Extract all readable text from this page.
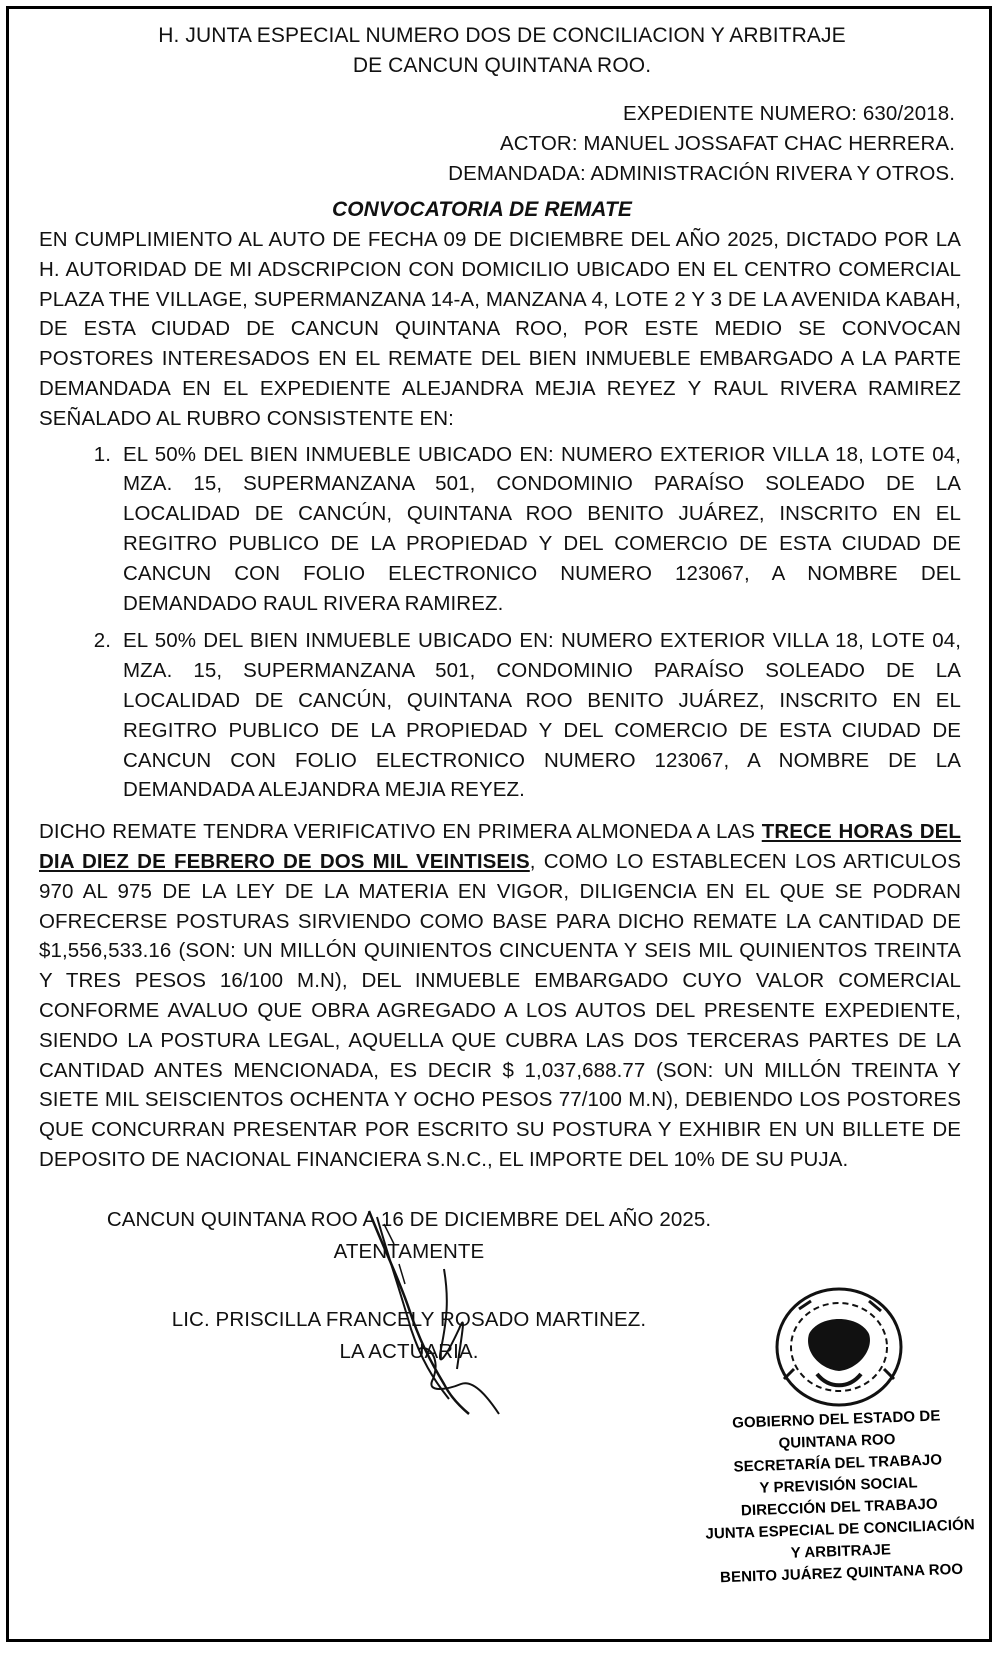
H. JUNTA ESPECIAL NUMERO DOS DE CONCILIACION Y ARBITRAJE
DE CANCUN QUINTANA ROO.
EXPEDIENTE NUMERO: 630/2018.
ACTOR: MANUEL JOSSAFAT CHAC HERRERA.
DEMANDADA: ADMINISTRACIÓN RIVERA Y OTROS.
CONVOCATORIA DE REMATE

EN CUMPLIMIENTO AL AUTO DE FECHA 09 DE DICIEMBRE DEL AÑO 2025, DICTADO POR LA H. AUTORIDAD DE MI ADSCRIPCION CON DOMICILIO UBICADO EN EL CENTRO COMERCIAL PLAZA THE VILLAGE, SUPERMANZANA 14-A, MANZANA 4, LOTE 2 Y 3 DE LA AVENIDA KABAH, DE ESTA CIUDAD DE CANCUN QUINTANA ROO, POR ESTE MEDIO SE CONVOCAN POSTORES INTERESADOS EN EL REMATE DEL BIEN INMUEBLE EMBARGADO A LA PARTE DEMANDADA EN EL EXPEDIENTE ALEJANDRA MEJIA REYEZ Y RAUL RIVERA RAMIREZ SEÑALADO AL RUBRO CONSISTENTE EN:

1. EL 50% DEL BIEN INMUEBLE UBICADO EN: NUMERO EXTERIOR VILLA 18, LOTE 04, MZA. 15, SUPERMANZANA 501, CONDOMINIO PARAÍSO SOLEADO DE LA LOCALIDAD DE CANCÚN, QUINTANA ROO BENITO JUÁREZ, INSCRITO EN EL REGITRO PUBLICO DE LA PROPIEDAD Y DEL COMERCIO DE ESTA CIUDAD DE CANCUN CON FOLIO ELECTRONICO NUMERO 123067, A NOMBRE DEL DEMANDADO RAUL RIVERA RAMIREZ.
2. EL 50% DEL BIEN INMUEBLE UBICADO EN: NUMERO EXTERIOR VILLA 18, LOTE 04, MZA. 15, SUPERMANZANA 501, CONDOMINIO PARAÍSO SOLEADO DE LA LOCALIDAD DE CANCÚN, QUINTANA ROO BENITO JUÁREZ, INSCRITO EN EL REGITRO PUBLICO DE LA PROPIEDAD Y DEL COMERCIO DE ESTA CIUDAD DE CANCUN CON FOLIO ELECTRONICO NUMERO 123067, A NOMBRE DE LA DEMANDADA ALEJANDRA MEJIA REYEZ.

DICHO REMATE TENDRA VERIFICATIVO EN PRIMERA ALMONEDA A LAS TRECE HORAS DEL DIA DIEZ DE FEBRERO DE DOS MIL VEINTISEIS, COMO LO ESTABLECEN LOS ARTICULOS 970 AL 975 DE LA LEY DE LA MATERIA EN VIGOR, DILIGENCIA EN EL QUE SE PODRAN OFRECERSE POSTURAS SIRVIENDO COMO BASE PARA DICHO REMATE LA CANTIDAD DE $1,556,533.16 (SON: UN MILLÓN QUINIENTOS CINCUENTA Y SEIS MIL QUINIENTOS TREINTA Y TRES PESOS 16/100 M.N), DEL INMUEBLE EMBARGADO CUYO VALOR COMERCIAL CONFORME AVALUO QUE OBRA AGREGADO A LOS AUTOS DEL PRESENTE EXPEDIENTE, SIENDO LA POSTURA LEGAL, AQUELLA QUE CUBRA LAS DOS TERCERAS PARTES DE LA CANTIDAD ANTES MENCIONADA, ES DECIR $ 1,037,688.77 (SON: UN MILLÓN TREINTA Y SIETE MIL SEISCIENTOS OCHENTA Y OCHO PESOS 77/100 M.N), DEBIENDO LOS POSTORES QUE CONCURRAN PRESENTAR POR ESCRITO SU POSTURA Y EXHIBIR EN UN BILLETE DE DEPOSITO DE NACIONAL FINANCIERA S.N.C., EL IMPORTE DEL 10% DE SU PUJA.

CANCUN QUINTANA ROO A 16 DE DICIEMBRE DEL AÑO 2025.
ATENTAMENTE
LIC. PRISCILLA FRANCELY ROSADO MARTINEZ.
LA ACTUARIA.
GOBIERNO DEL ESTADO DE
QUINTANA ROO
SECRETARÍA DEL TRABAJO
Y PREVISIÓN SOCIAL
DIRECCIÓN DEL TRABAJO
JUNTA ESPECIAL DE CONCILIACIÓN
Y ARBITRAJE
BENITO JUÁREZ QUINTANA ROO
